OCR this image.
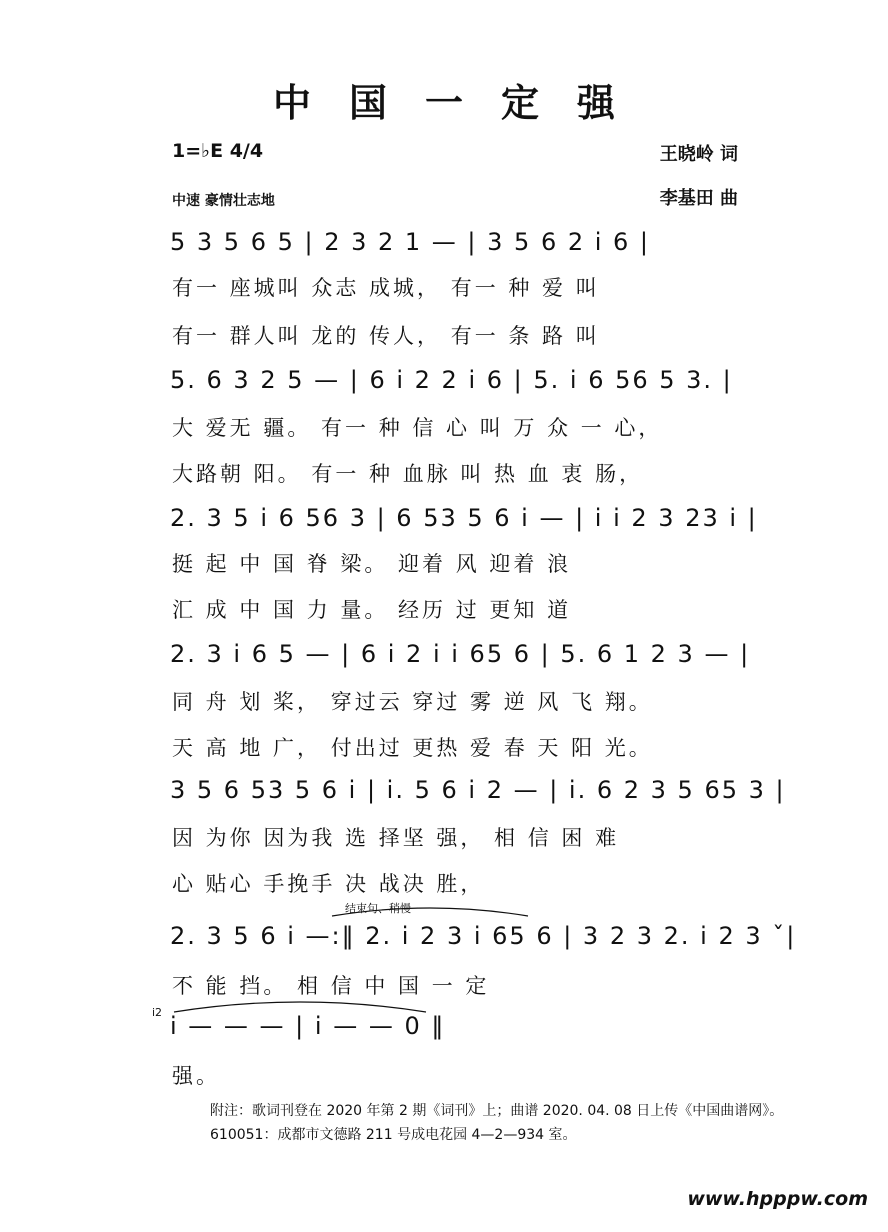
中国一定强
1=♭E 4/4	王晓岭 词
李基田 曲
中速 豪情壮志地
5 3 5 6 5 | 2 3 2 1 — | 3 5 6 2 i 6 |
有一 座城叫 众志 成城， 有一 种 爱 叫
有一 群人叫 龙的 传人， 有一 条 路 叫
5. 6 3 2 5 — | 6 i 2 2 i 6 | 5. i 6 56 5 3. |
大 爱无 疆。 有一 种 信 心 叫 万 众 一 心，
大路朝 阳。 有一 种 血脉 叫 热 血 衷 肠，
2. 3 5 i 6 56 3 | 6 53 5 6 i — | i i 2 3 23 i |
挺 起 中 国 脊 梁。 迎着 风 迎着 浪
汇 成 中 国 力 量。 经历 过 更知 道
2. 3 i 6 5 — | 6 i 2 i i 65 6 | 5. 6 1 2 3 — |
同 舟 划 桨， 穿过云 穿过 雾 逆 风 飞 翔。
天 高 地 广， 付出过 更热 爱 春 天 阳 光。
3 5 6 53 5 6 i | i. 5 6 i 2 — | i. 6 2 3 5 65 3 |
因 为你 因为我 选 择坚 强， 相 信 困 难
心 贴心 手挽手 决 战决 胜，
结束句、稍慢
2. 3 5 6 i —:‖ 2. i 2 3 i 65 6 | 3 2 3 2. i 2 3 ˇ|
不 能 挡。 相 信 中 国 一 定
i2 i — — — | i — — 0 ‖
强。
附注：歌词刊登在 2020 年第 2 期《词刊》上；曲谱 2020. 04. 08 日上传《中国曲谱网》。
610051：成都市文德路 211 号成电花园 4—2—934 室。
www.hpppw.com
